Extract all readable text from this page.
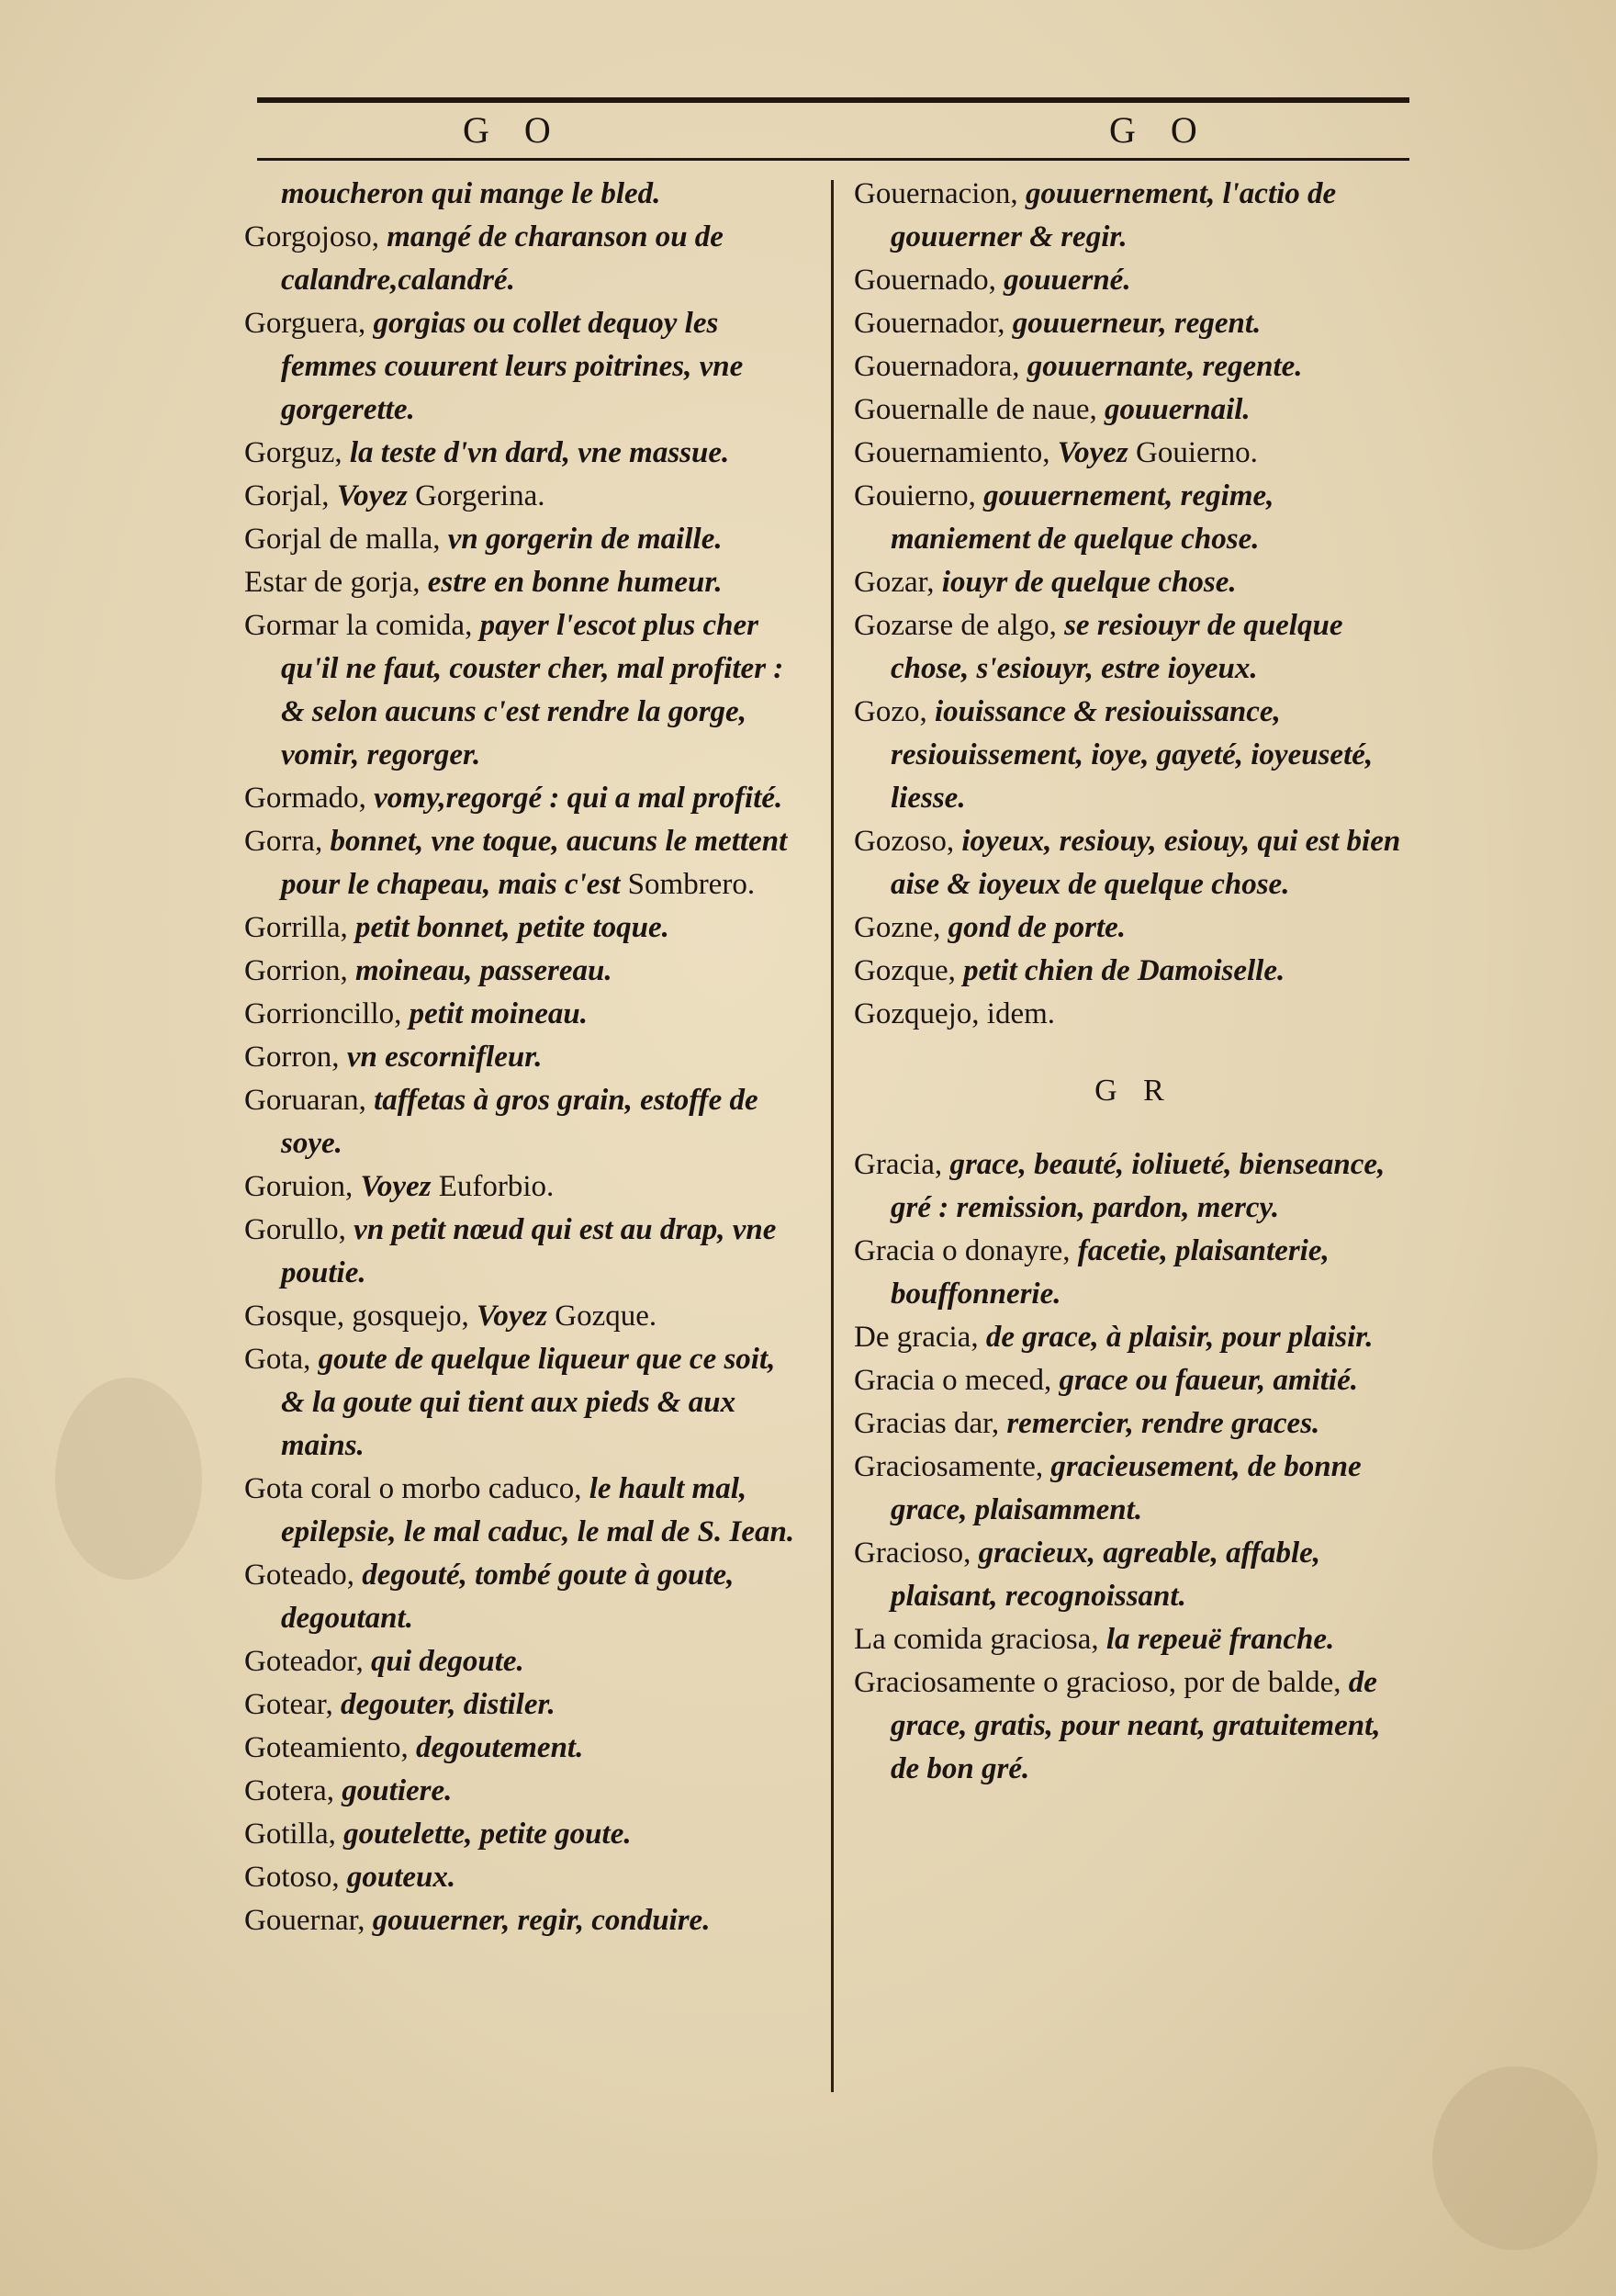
G O	G O
moucheron qui mange le bled.
Gorgojoso, mangé de charanson ou de calandre,calandré.
Gorguera, gorgias ou collet dequoy les femmes couurent leurs poitrines, vne gorgerette.
Gorguz, la teste d'vn dard, vne massue.
Gorjal, Voyez Gorgerina.
Gorjal de malla, vn gorgerin de maille.
Estar de gorja, estre en bonne humeur.
Gormar la comida, payer l'escot plus cher qu'il ne faut, couster cher, mal profiter : & selon aucuns c'est rendre la gorge, vomir, regorger.
Gormado, vomy,regorgé : qui a mal profité.
Gorra, bonnet, vne toque, aucuns le mettent pour le chapeau, mais c'est Sombrero.
Gorrilla, petit bonnet, petite toque.
Gorrion, moineau, passereau.
Gorrioncillo, petit moineau.
Gorron, vn escornifleur.
Goruaran, taffetas à gros grain, estoffe de soye.
Goruion, Voyez Euforbio.
Gorullo, vn petit nœud qui est au drap, vne poutie.
Gosque, gosquejo, Voyez Gozque.
Gota, goute de quelque liqueur que ce soit, & la goute qui tient aux pieds & aux mains.
Gota coral o morbo caduco, le hault mal, epilepsie, le mal caduc, le mal de S. Iean.
Goteado, degouté, tombé goute à goute, degoutant.
Goteador, qui degoute.
Gotear, degouter, distiler.
Goteamiento, degoutement.
Gotera, goutiere.
Gotilla, goutelette, petite goute.
Gotoso, gouteux.
Gouernar, gouuerner, regir, conduire.
Gouernacion, gouuernement, l'actio de gouuerner & regir.
Gouernado, gouuerné.
Gouernador, gouuerneur, regent.
Gouernadora, gouuernante, regente.
Gouernalle de naue, gouuernail.
Gouernamiento, Voyez Gouierno.
Gouierno, gouuernement, regime, maniement de quelque chose.
Gozar, iouyr de quelque chose.
Gozarse de algo, se resiouyr de quelque chose, s'esiouyr, estre ioyeux.
Gozo, iouissance & resiouissance, resiouissement, ioye, gayeté, ioyeuseté, liesse.
Gozoso, ioyeux, resiouy, esiouy, qui est bien aise & ioyeux de quelque chose.
Gozne, gond de porte.
Gozque, petit chien de Damoiselle.
Gozquejo, idem.
G R
Gracia, grace, beauté, ioliueté, bienseance, gré : remission, pardon, mercy.
Gracia o donayre, facetie, plaisanterie, bouffonnerie.
De gracia, de grace, à plaisir, pour plaisir.
Gracia o meced, grace ou faueur, amitié.
Gracias dar, remercier, rendre graces.
Graciosamente, gracieusement, de bonne grace, plaisamment.
Gracioso, gracieux, agreable, affable, plaisant, recognoissant.
La comida graciosa, la repeuë franche.
Graciosamente o gracioso, por de balde, de grace, gratis, pour neant, gratuitement, de bon gré.
